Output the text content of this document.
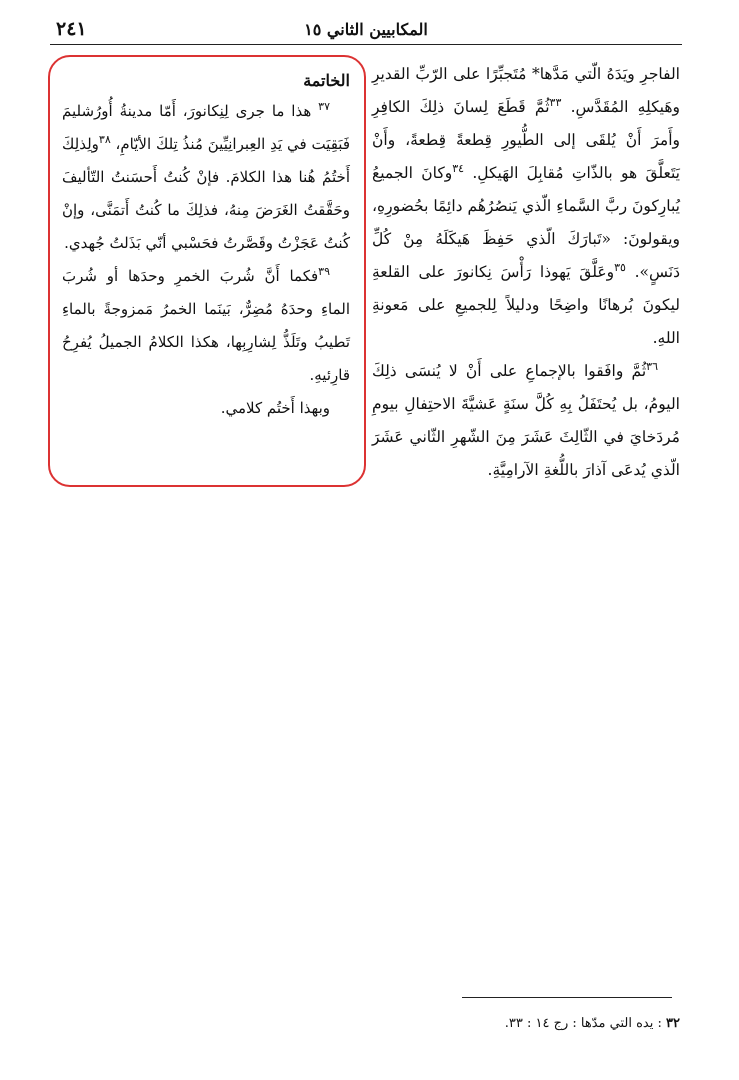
المكابيين الثاني ١٥
٢٤١

الفاجرِ ويَدَهُ الّتي مَدَّها* مُتَجبِّرًا على الرّبِّ القديرِ وهَيكلِهِ المُقَدَّسِ. $^{٣٣}$ثُمَّ قَطَعَ لِسانَ ذلِكَ الكافِرِ وأَمرَ أَنْ يُلقَى إلى الطُّيورِ قِطعةً قِطعةً، وأَنْ يَتَعلَّقَ هو بالذّاتِ مُقابِلَ الهَيكلِ. $^{٣٤}$وكانَ الجميعُ يُبارِكونَ ربَّ السَّماءِ الّذي يَنصُرُهُم دائِمًا بحُضورِهِ، ويقولونَ: «تَبارَكَ الّذي حَفِظَ هَيكَلَهُ مِنْ كُلِّ دَنَسٍ». $^{٣٥}$وعَلَّقَ يَهوذا رَأْسَ نِكانورَ على القلعةِ ليكونَ بُرهانًا واضِحًا ودليلاً لِلجميعِ على مَعونةِ اللهِ.

$^{٣٦}$ثُمَّ وافَقوا بالإجماعِ على أَنْ لا يُنسَى ذلِكَ اليومُ، بل يُحتَفَلُ بِهِ كُلَّ سنَةٍ عَشيَّةَ الاحتِفالِ بيومِ مُردَخايَ في الثّالِثَ عَشَرَ مِنَ الشّهرِ الثّاني عَشَرَ الّذي يُدعَى آذارَ باللُّغةِ الآرامِيَّةِ.

الخاتمة

$^{٣٧}$ هذا ما جرى لِنِكانورَ، أَمّا مدينةُ أُورُشليمَ فَبَقِيَت في يَدِ العِبرانِيِّينَ مُنذُ تِلكَ الأيّامِ، $^{٣٨}$ولِذلِكَ أَختُمُ هُنا هذا الكلامَ. فإنْ كُنتُ أَحسَنتُ التّأليفَ وحَقَّقتُ الغَرَضَ مِنهُ، فذلِكَ ما كُنتُ أَتمَنَّى، وإنْ كُنتُ عَجَزْتُ وقَصَّرتُ فحَسْبي أنّي بَذَلتُ جُهدي.

$^{٣٩}$فكما أَنَّ شُربَ الخمرِ وحدَها أو شُربَ الماءِ وحدَهُ مُضِرٌّ، بَينَما الخمرُ مَمزوجةً بالماءِ تَطيبُ وتَلَذُّ لِشارِبِها، هكذا الكلامُ الجميلُ يُفرِحُ قارِئيهِ.

وبهذا أَختُم كلامي.

٣٢ : يده التي مدّها : رج ١٤ : ٣٣.
